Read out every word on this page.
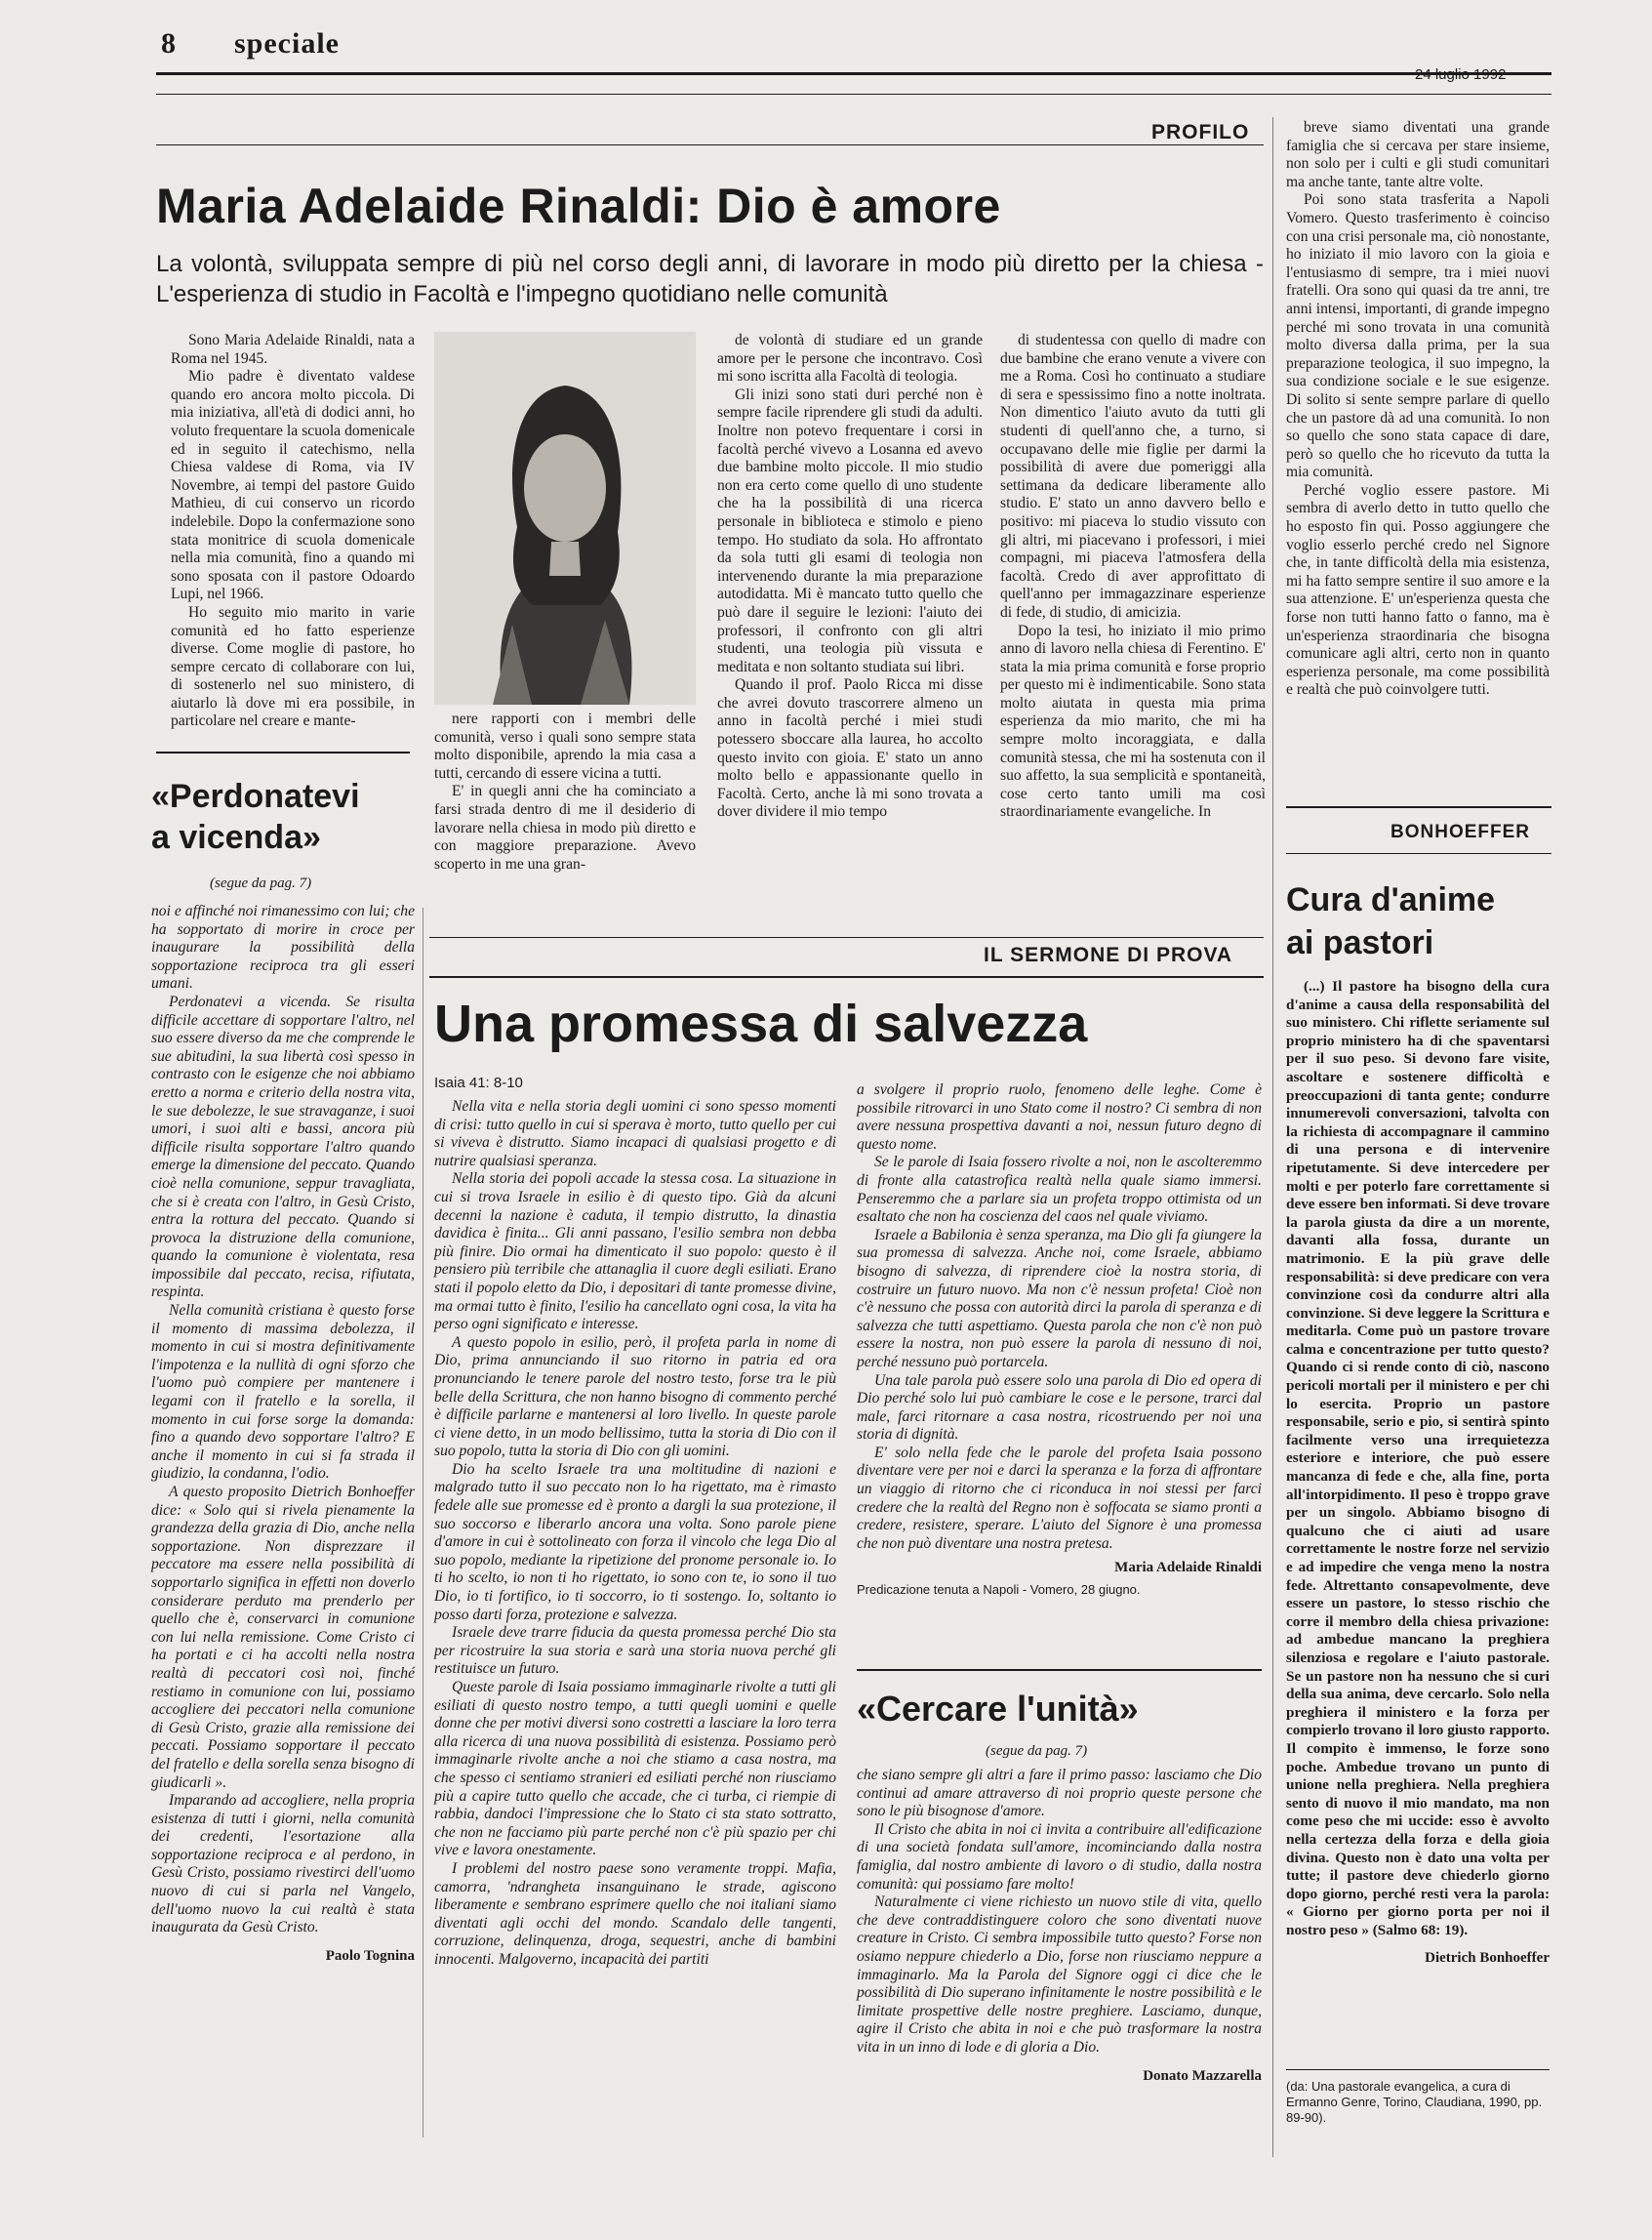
8 speciale
24 luglio 1992
PROFILO
Maria Adelaide Rinaldi: Dio è amore
La volontà, sviluppata sempre di più nel corso degli anni, di lavorare in modo più diretto per la chiesa - L'esperienza di studio in Facoltà e l'impegno quotidiano nelle comunità

Sono Maria Adelaide Rinaldi, nata a Roma nel 1945.

Mio padre è diventato valdese quando ero ancora molto piccola. Di mia iniziativa, all'età di dodici anni, ho voluto frequentare la scuola domenicale ed in seguito il catechismo, nella Chiesa valdese di Roma, via IV Novembre, ai tempi del pastore Guido Mathieu, di cui conservo un ricordo indelebile. Dopo la confermazione sono stata monitrice di scuola domenicale nella mia comunità, fino a quando mi sono sposata con il pastore Odoardo Lupi, nel 1966.

Ho seguito mio marito in varie comunità ed ho fatto esperienze diverse. Come moglie di pastore, ho sempre cercato di collaborare con lui, di sostenerlo nel suo ministero, di aiutarlo là dove mi era possibile, in particolare nel creare e mante-	nere rapporti con i membri delle comunità, verso i quali sono sempre stata molto disponibile, aprendo la mia casa a tutti, cercando di essere vicina a tutti.

E' in quegli anni che ha cominciato a farsi strada dentro di me il desiderio di lavorare nella chiesa in modo più diretto e con maggiore preparazione. Avevo scoperto in me una gran-

de volontà di studiare ed un grande amore per le persone che incontravo. Così mi sono iscritta alla Facoltà di teologia.

Gli inizi sono stati duri perché non è sempre facile riprendere gli studi da adulti. Inoltre non potevo frequentare i corsi in facoltà perché vivevo a Losanna ed avevo due bambine molto piccole. Il mio studio non era certo come quello di uno studente che ha la possibilità di una ricerca personale in biblioteca e stimolo e pieno tempo. Ho studiato da sola. Ho affrontato da sola tutti gli esami di teologia non intervenendo durante la mia preparazione autodidatta. Mi è mancato tutto quello che può dare il seguire le lezioni: l'aiuto dei professori, il confronto con gli altri studenti, una teologia più vissuta e meditata e non soltanto studiata sui libri.

Quando il prof. Paolo Ricca mi disse che avrei dovuto trascorrere almeno un anno in facoltà perché i miei studi potessero sboccare alla laurea, ho accolto questo invito con gioia. E' stato un anno molto bello e appassionante quello in Facoltà. Certo, anche là mi sono trovata a dover dividere il mio tempo

di studentessa con quello di madre con due bambine che erano venute a vivere con me a Roma. Così ho continuato a studiare di sera e spessissimo fino a notte inoltrata. Non dimentico l'aiuto avuto da tutti gli studenti di quell'anno che, a turno, si occupavano delle mie figlie per darmi la possibilità di avere due pomeriggi alla settimana da dedicare liberamente allo studio. E' stato un anno davvero bello e positivo: mi piaceva lo studio vissuto con gli altri, mi piacevano i professori, i miei compagni, mi piaceva l'atmosfera della facoltà. Credo di aver approfittato di quell'anno per immagazzinare esperienze di fede, di studio, di amicizia.

Dopo la tesi, ho iniziato il mio primo anno di lavoro nella chiesa di Ferentino. E' stata la mia prima comunità e forse proprio per questo mi è indimenticabile. Sono stata molto aiutata in questa mia prima esperienza da mio marito, che mi ha sempre molto incoraggiata, e dalla comunità stessa, che mi ha sostenuta con il suo affetto, la sua semplicità e spontaneità, cose certo tanto umili ma così straordinariamente evangeliche. In

breve siamo diventati una grande famiglia che si cercava per stare insieme, non solo per i culti e gli studi comunitari ma anche tante, tante altre volte.

Poi sono stata trasferita a Napoli Vomero. Questo trasferimento è coinciso con una crisi personale ma, ciò nonostante, ho iniziato il mio lavoro con la gioia e l'entusiasmo di sempre, tra i miei nuovi fratelli. Ora sono qui quasi da tre anni, tre anni intensi, importanti, di grande impegno perché mi sono trovata in una comunità molto diversa dalla prima, per la sua preparazione teologica, il suo impegno, la sua condizione sociale e le sue esigenze. Di solito si sente sempre parlare di quello che un pastore dà ad una comunità. Io non so quello che sono stata capace di dare, però so quello che ho ricevuto da tutta la mia comunità.

Perché voglio essere pastore. Mi sembra di averlo detto in tutto quello che ho esposto fin qui. Posso aggiungere che voglio esserlo perché credo nel Signore che, in tante difficoltà della mia esistenza, mi ha fatto sempre sentire il suo amore e la sua attenzione. E' un'esperienza questa che forse non tutti hanno fatto o fanno, ma è un'esperienza straordinaria che bisogna comunicare agli altri, certo non in quanto esperienza personale, ma come possibilità e realtà che può coinvolgere tutti.

«Perdonatevi
a vicenda»
(segue da pag. 7)

noi e affinché noi rimanessimo con lui; che ha sopportato di morire in croce per inaugurare la possibilità della sopportazione reciproca tra gli esseri umani.

Perdonatevi a vicenda. Se risulta difficile accettare di sopportare l'altro, nel suo essere diverso da me che comprende le sue abitudini, la sua libertà così spesso in contrasto con le esigenze che noi abbiamo eretto a norma e criterio della nostra vita, le sue debolezze, le sue stravaganze, i suoi umori, i suoi alti e bassi, ancora più difficile risulta sopportare l'altro quando emerge la dimensione del peccato. Quando cioè nella comunione, seppur travagliata, che si è creata con l'altro, in Gesù Cristo, entra la rottura del peccato. Quando si provoca la distruzione della comunione, quando la comunione è violentata, resa impossibile dal peccato, recisa, rifiutata, respinta.

Nella comunità cristiana è questo forse il momento di massima debolezza, il momento in cui si mostra definitivamente l'impotenza e la nullità di ogni sforzo che l'uomo può compiere per mantenere i legami con il fratello e la sorella, il momento in cui forse sorge la domanda: fino a quando devo sopportare l'altro? E anche il momento in cui si fa strada il giudizio, la condanna, l'odio.

A questo proposito Dietrich Bonhoeffer dice: « Solo qui si rivela pienamente la grandezza della grazia di Dio, anche nella sopportazione. Non disprezzare il peccatore ma essere nella possibilità di sopportarlo significa in effetti non doverlo considerare perduto ma prenderlo per quello che è, conservarci in comunione con lui nella remissione. Come Cristo ci ha portati e ci ha accolti nella nostra realtà di peccatori così noi, finché restiamo in comunione con lui, possiamo accogliere dei peccatori nella comunione di Gesù Cristo, grazie alla remissione dei peccati. Possiamo sopportare il peccato del fratello e della sorella senza bisogno di giudicarli ».

Imparando ad accogliere, nella propria esistenza di tutti i giorni, nella comunità dei credenti, l'esortazione alla sopportazione reciproca e al perdono, in Gesù Cristo, possiamo rivestirci dell'uomo nuovo di cui si parla nel Vangelo, dell'uomo nuovo la cui realtà è stata inaugurata da Gesù Cristo.

Paolo Tognina
IL SERMONE DI PROVA
Una promessa di salvezza
Isaia 41: 8-10

Nella vita e nella storia degli uomini ci sono spesso momenti di crisi: tutto quello in cui si sperava è morto, tutto quello per cui si viveva è distrutto. Siamo incapaci di qualsiasi progetto e di nutrire qualsiasi speranza.

Nella storia dei popoli accade la stessa cosa. La situazione in cui si trova Israele in esilio è di questo tipo. Già da alcuni decenni la nazione è caduta, il tempio distrutto, la dinastia davidica è finita... Gli anni passano, l'esilio sembra non debba più finire. Dio ormai ha dimenticato il suo popolo: questo è il pensiero più terribile che attanaglia il cuore degli esiliati. Erano stati il popolo eletto da Dio, i depositari di tante promesse divine, ma ormai tutto è finito, l'esilio ha cancellato ogni cosa, la vita ha perso ogni significato e interesse.

A questo popolo in esilio, però, il profeta parla in nome di Dio, prima annunciando il suo ritorno in patria ed ora pronunciando le tenere parole del nostro testo, forse tra le più belle della Scrittura, che non hanno bisogno di commento perché è difficile parlarne e mantenersi al loro livello. In queste parole ci viene detto, in un modo bellissimo, tutta la storia di Dio con il suo popolo, tutta la storia di Dio con gli uomini.

Dio ha scelto Israele tra una moltitudine di nazioni e malgrado tutto il suo peccato non lo ha rigettato, ma è rimasto fedele alle sue promesse ed è pronto a dargli la sua protezione, il suo soccorso e liberarlo ancora una volta. Sono parole piene d'amore in cui è sottolineato con forza il vincolo che lega Dio al suo popolo, mediante la ripetizione del pronome personale io. Io ti ho scelto, io non ti ho rigettato, io sono con te, io sono il tuo Dio, io ti fortifico, io ti soccorro, io ti sostengo. Io, soltanto io posso darti forza, protezione e salvezza.

Israele deve trarre fiducia da questa promessa perché Dio sta per ricostruire la sua storia e sarà una storia nuova perché gli restituisce un futuro.

Queste parole di Isaia possiamo immaginarle rivolte a tutti gli esiliati di questo nostro tempo, a tutti quegli uomini e quelle donne che per motivi diversi sono costretti a lasciare la loro terra alla ricerca di una nuova possibilità di esistenza. Possiamo però immaginarle rivolte anche a noi che stiamo a casa nostra, ma che spesso ci sentiamo stranieri ed esiliati perché non riusciamo più a capire tutto quello che accade, che ci turba, ci riempie di rabbia, dandoci l'impressione che lo Stato ci sta stato sottratto, che non ne facciamo più parte perché non c'è più spazio per chi vive e lavora onestamente.

I problemi del nostro paese sono veramente troppi. Mafia, camorra, 'ndrangheta insanguinano le strade, agiscono liberamente e sembrano esprimere quello che noi italiani siamo diventati agli occhi del mondo. Scandalo delle tangenti, corruzione, delinquenza, droga, sequestri, anche di bambini innocenti. Malgoverno, incapacità dei partiti

a svolgere il proprio ruolo, fenomeno delle leghe. Come è possibile ritrovarci in uno Stato come il nostro? Ci sembra di non avere nessuna prospettiva davanti a noi, nessun futuro degno di questo nome.

Se le parole di Isaia fossero rivolte a noi, non le ascolteremmo di fronte alla catastrofica realtà nella quale siamo immersi. Penseremmo che a parlare sia un profeta troppo ottimista od un esaltato che non ha coscienza del caos nel quale viviamo.

Israele a Babilonia è senza speranza, ma Dio gli fa giungere la sua promessa di salvezza. Anche noi, come Israele, abbiamo bisogno di salvezza, di riprendere cioè la nostra storia, di costruire un futuro nuovo. Ma non c'è nessun profeta! Cioè non c'è nessuno che possa con autorità dirci la parola di speranza e di salvezza che tutti aspettiamo. Questa parola che non c'è non può essere la nostra, non può essere la parola di nessuno di noi, perché nessuno può portarcela.

Una tale parola può essere solo una parola di Dio ed opera di Dio perché solo lui può cambiare le cose e le persone, trarci dal male, farci ritornare a casa nostra, ricostruendo per noi una storia di dignità.

E' solo nella fede che le parole del profeta Isaia possono diventare vere per noi e darci la speranza e la forza di affrontare un viaggio di ritorno che ci riconduca in noi stessi per farci credere che la realtà del Regno non è soffocata se siamo pronti a credere, resistere, sperare. L'aiuto del Signore è una promessa che non può diventare una nostra pretesa.

Maria Adelaide Rinaldi
Predicazione tenuta a Napoli - Vomero, 28 giugno.
«Cercare l'unità»
(segue da pag. 7)

che siano sempre gli altri a fare il primo passo: lasciamo che Dio continui ad amare attraverso di noi proprio queste persone che sono le più bisognose d'amore.

Il Cristo che abita in noi ci invita a contribuire all'edificazione di una società fondata sull'amore, incominciando dalla nostra famiglia, dal nostro ambiente di lavoro o di studio, dalla nostra comunità: qui possiamo fare molto!

Naturalmente ci viene richiesto un nuovo stile di vita, quello che deve contraddistinguere coloro che sono diventati nuove creature in Cristo. Ci sembra impossibile tutto questo? Forse non osiamo neppure chiederlo a Dio, forse non riusciamo neppure a immaginarlo. Ma la Parola del Signore oggi ci dice che le possibilità di Dio superano infinitamente le nostre possibilità e le limitate prospettive delle nostre preghiere. Lasciamo, dunque, agire il Cristo che abita in noi e che può trasformare la nostra vita in un inno di lode e di gloria a Dio.

Donato Mazzarella
BONHOEFFER
Cura d'anime
ai pastori

(...) Il pastore ha bisogno della cura d'anime a causa della responsabilità del suo ministero. Chi riflette seriamente sul proprio ministero ha di che spaventarsi per il suo peso. Si devono fare visite, ascoltare e sostenere difficoltà e preoccupazioni di tanta gente; condurre innumerevoli conversazioni, talvolta con la richiesta di accompagnare il cammino di una persona e di intervenire ripetutamente. Si deve intercedere per molti e per poterlo fare correttamente si deve essere ben informati. Si deve trovare la parola giusta da dire a un morente, davanti alla fossa, durante un matrimonio. E la più grave delle responsabilità: si deve predicare con vera convinzione così da condurre altri alla convinzione. Si deve leggere la Scrittura e meditarla. Come può un pastore trovare calma e concentrazione per tutto questo? Quando ci si rende conto di ciò, nascono pericoli mortali per il ministero e per chi lo esercita. Proprio un pastore responsabile, serio e pio, si sentirà spinto facilmente verso una irrequietezza esteriore e interiore, che può essere mancanza di fede e che, alla fine, porta all'intorpidimento. Il peso è troppo grave per un singolo. Abbiamo bisogno di qualcuno che ci aiuti ad usare correttamente le nostre forze nel servizio e ad impedire che venga meno la nostra fede. Altrettanto consapevolmente, deve essere un pastore, lo stesso rischio che corre il membro della chiesa privazione: ad ambedue mancano la preghiera silenziosa e regolare e l'aiuto pastorale. Se un pastore non ha nessuno che si curi della sua anima, deve cercarlo. Solo nella preghiera il ministero e la forza per compierlo trovano il loro giusto rapporto. Il compito è immenso, le forze sono poche. Ambedue trovano un punto di unione nella preghiera. Nella preghiera sento di nuovo il mio mandato, ma non come peso che mi uccide: esso è avvolto nella certezza della forza e della gioia divina. Questo non è dato una volta per tutte; il pastore deve chiederlo giorno dopo giorno, perché resti vera la parola: « Giorno per giorno porta per noi il nostro peso » (Salmo 68: 19).

Dietrich Bonhoeffer
(da: Una pastorale evangelica, a cura di Ermanno Genre, Torino, Claudiana, 1990, pp. 89-90).
